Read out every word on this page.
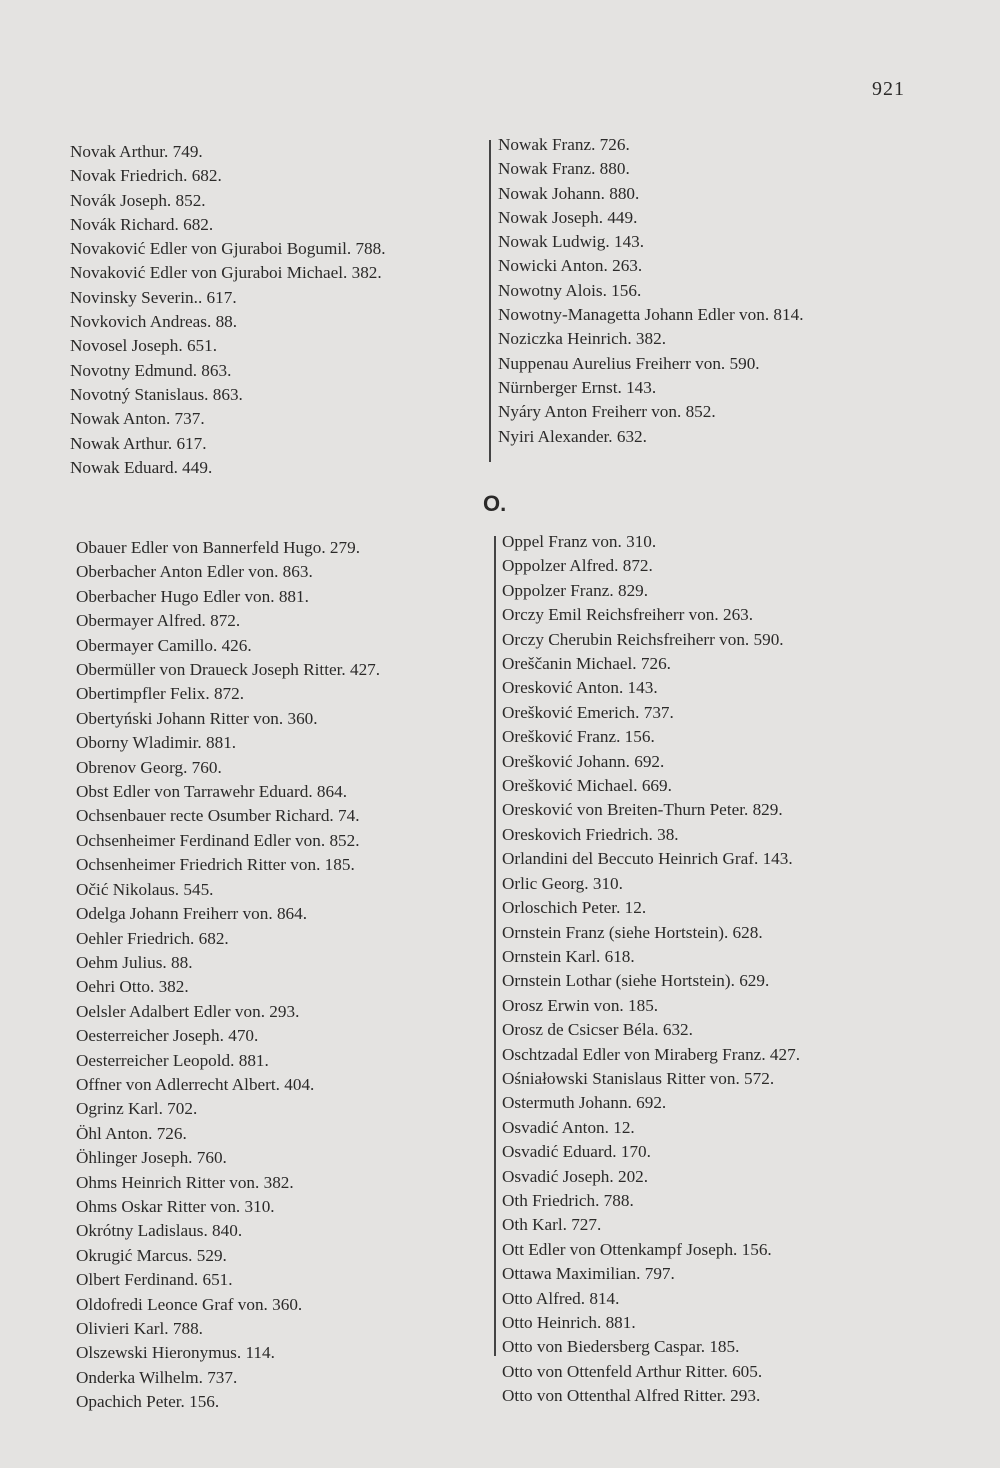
921
Novak Arthur. 749.
Novak Friedrich. 682.
Novák Joseph. 852.
Novák Richard. 682.
Novaković Edler von Gjuraboi Bogumil. 788.
Novaković Edler von Gjuraboi Michael. 382.
Novinsky Severin.. 617.
Novkovich Andreas. 88.
Novosel Joseph. 651.
Novotny Edmund. 863.
Novotný Stanislaus. 863.
Nowak Anton. 737.
Nowak Arthur. 617.
Nowak Eduard. 449.
Nowak Franz. 726.
Nowak Franz. 880.
Nowak Johann. 880.
Nowak Joseph. 449.
Nowak Ludwig. 143.
Nowicki Anton. 263.
Nowotny Alois. 156.
Nowotny-Managetta Johann Edler von. 814.
Noziczka Heinrich. 382.
Nuppenau Aurelius Freiherr von. 590.
Nürnberger Ernst. 143.
Nyáry Anton Freiherr von. 852.
Nyiri Alexander. 632.
O.
Obauer Edler von Bannerfeld Hugo. 279.
Oberbacher Anton Edler von. 863.
Oberbacher Hugo Edler von. 881.
Obermayer Alfred. 872.
Obermayer Camillo. 426.
Obermüller von Draueck Joseph Ritter. 427.
Obertimpfler Felix. 872.
Obertyński Johann Ritter von. 360.
Oborny Wladimir. 881.
Obrenov Georg. 760.
Obst Edler von Tarrawehr Eduard. 864.
Ochsenbauer recte Osumber Richard. 74.
Ochsenheimer Ferdinand Edler von. 852.
Ochsenheimer Friedrich Ritter von. 185.
Očić Nikolaus. 545.
Odelga Johann Freiherr von. 864.
Oehler Friedrich. 682.
Oehm Julius. 88.
Oehri Otto. 382.
Oelsler Adalbert Edler von. 293.
Oesterreicher Joseph. 470.
Oesterreicher Leopold. 881.
Offner von Adlerrecht Albert. 404.
Ogrinz Karl. 702.
Öhl Anton. 726.
Öhlinger Joseph. 760.
Ohms Heinrich Ritter von. 382.
Ohms Oskar Ritter von. 310.
Okrótny Ladislaus. 840.
Okrugić Marcus. 529.
Olbert Ferdinand. 651.
Oldofredi Leonce Graf von. 360.
Olivieri Karl. 788.
Olszewski Hieronymus. 114.
Onderka Wilhelm. 737.
Opachich Peter. 156.
Oppel Franz von. 310.
Oppolzer Alfred. 872.
Oppolzer Franz. 829.
Orczy Emil Reichsfreiherr von. 263.
Orczy Cherubin Reichsfreiherr von. 590.
Oreščanin Michael. 726.
Oresković Anton. 143.
Orešković Emerich. 737.
Orešković Franz. 156.
Orešković Johann. 692.
Orešković Michael. 669.
Oresković von Breiten-Thurn Peter. 829.
Oreskovich Friedrich. 38.
Orlandini del Beccuto Heinrich Graf. 143.
Orlic Georg. 310.
Orloschich Peter. 12.
Ornstein Franz (siehe Hortstein). 628.
Ornstein Karl. 618.
Ornstein Lothar (siehe Hortstein). 629.
Orosz Erwin von. 185.
Orosz de Csicser Béla. 632.
Oschtzadal Edler von Miraberg Franz. 427.
Ośniałowski Stanislaus Ritter von. 572.
Ostermuth Johann. 692.
Osvadić Anton. 12.
Osvadić Eduard. 170.
Osvadić Joseph. 202.
Oth Friedrich. 788.
Oth Karl. 727.
Ott Edler von Ottenkampf Joseph. 156.
Ottawa Maximilian. 797.
Otto Alfred. 814.
Otto Heinrich. 881.
Otto von Biedersberg Caspar. 185.
Otto von Ottenfeld Arthur Ritter. 605.
Otto von Ottenthal Alfred Ritter. 293.
